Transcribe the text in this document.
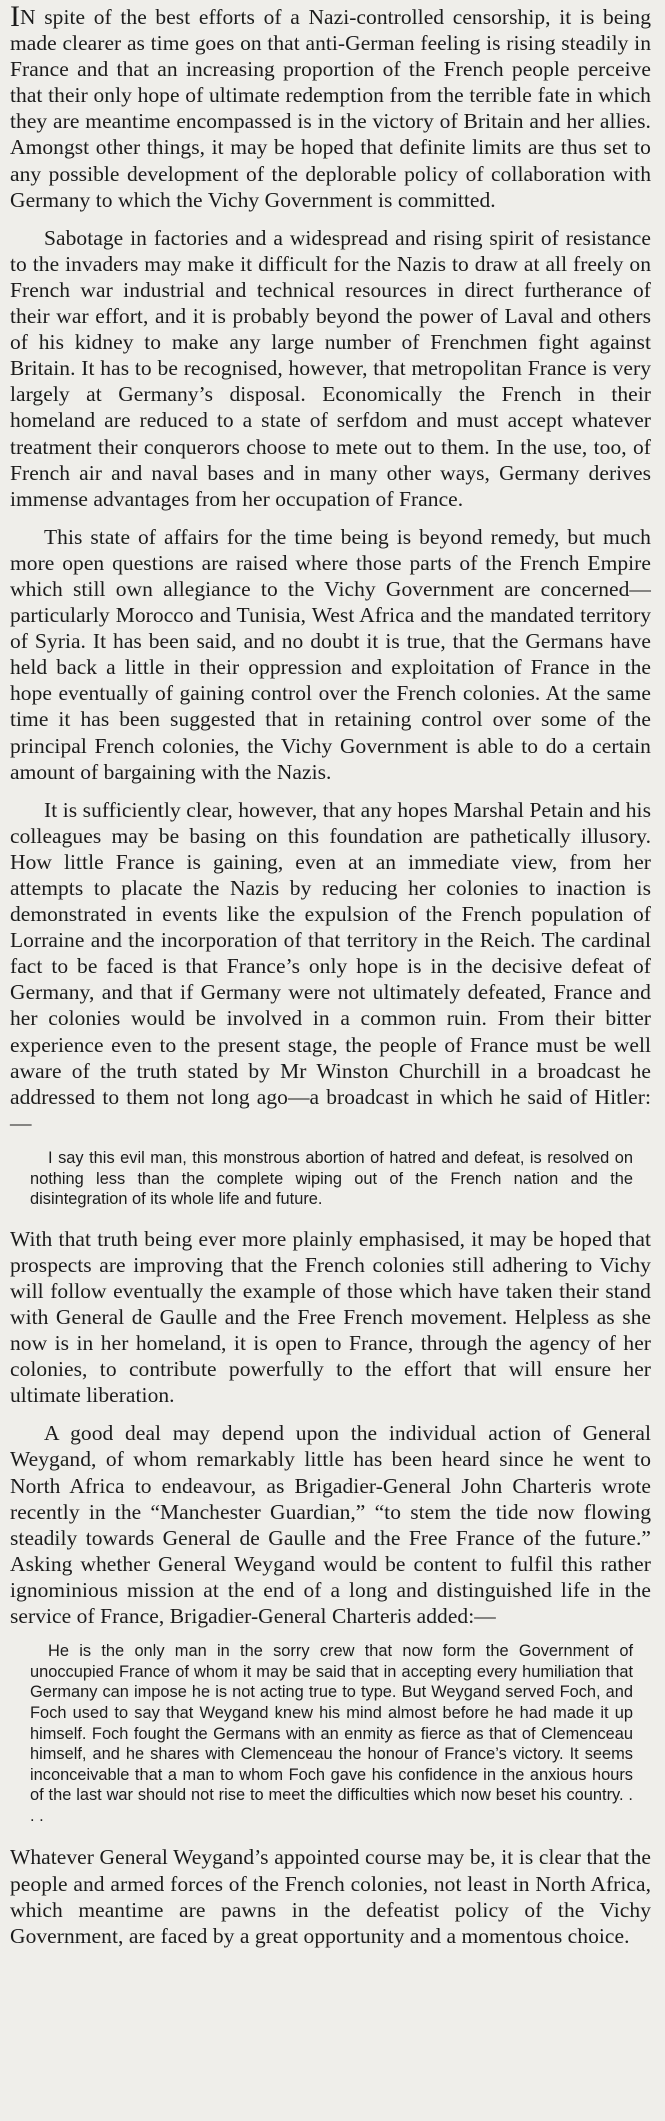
IN spite of the best efforts of a Nazi-controlled censorship, it is being made clearer as time goes on that anti-German feeling is rising steadily in France and that an increasing proportion of the French people perceive that their only hope of ultimate redemption from the terrible fate in which they are meantime encompassed is in the victory of Britain and her allies. Amongst other things, it may be hoped that definite limits are thus set to any possible development of the deplorable policy of collaboration with Germany to which the Vichy Government is committed.

Sabotage in factories and a widespread and rising spirit of resistance to the invaders may make it difficult for the Nazis to draw at all freely on French war industrial and technical resources in direct furtherance of their war effort, and it is probably beyond the power of Laval and others of his kidney to make any large number of Frenchmen fight against Britain. It has to be recognised, however, that metropolitan France is very largely at Germany’s disposal. Economically the French in their homeland are reduced to a state of serfdom and must accept whatever treatment their conquerors choose to mete out to them. In the use, too, of French air and naval bases and in many other ways, Germany derives immense advantages from her occupation of France.

This state of affairs for the time being is beyond remedy, but much more open questions are raised where those parts of the French Empire which still own allegiance to the Vichy Government are concerned—particularly Morocco and Tunisia, West Africa and the mandated territory of Syria. It has been said, and no doubt it is true, that the Germans have held back a little in their oppression and exploitation of France in the hope eventually of gaining control over the French colonies. At the same time it has been suggested that in retaining control over some of the principal French colonies, the Vichy Government is able to do a certain amount of bargaining with the Nazis.

It is sufficiently clear, however, that any hopes Marshal Petain and his colleagues may be basing on this foundation are pathetically illusory. How little France is gaining, even at an immediate view, from her attempts to placate the Nazis by reducing her colonies to inaction is demonstrated in events like the expulsion of the French population of Lorraine and the incorporation of that territory in the Reich. The cardinal fact to be faced is that France’s only hope is in the decisive defeat of Germany, and that if Germany were not ultimately defeated, France and her colonies would be involved in a common ruin. From their bitter experience even to the present stage, the people of France must be well aware of the truth stated by Mr Winston Churchill in a broadcast he addressed to them not long ago—a broadcast in which he said of Hitler:—

I say this evil man, this monstrous abortion of hatred and defeat, is resolved on nothing less than the complete wiping out of the French nation and the disintegration of its whole life and future.

With that truth being ever more plainly emphasised, it may be hoped that prospects are improving that the French colonies still adhering to Vichy will follow eventually the example of those which have taken their stand with General de Gaulle and the Free French movement. Helpless as she now is in her homeland, it is open to France, through the agency of her colonies, to contribute powerfully to the effort that will ensure her ultimate liberation.

A good deal may depend upon the individual action of General Weygand, of whom remarkably little has been heard since he went to North Africa to endeavour, as Brigadier-General John Charteris wrote recently in the “Manchester Guardian,” “to stem the tide now flowing steadily towards General de Gaulle and the Free France of the future.” Asking whether General Weygand would be content to fulfil this rather ignominious mission at the end of a long and distinguished life in the service of France, Brigadier-General Charteris added:—

He is the only man in the sorry crew that now form the Government of unoccupied France of whom it may be said that in accepting every humiliation that Germany can impose he is not acting true to type. But Weygand served Foch, and Foch used to say that Weygand knew his mind almost before he had made it up himself. Foch fought the Germans with an enmity as fierce as that of Clemenceau himself, and he shares with Clemenceau the honour of France’s victory. It seems inconceivable that a man to whom Foch gave his confidence in the anxious hours of the last war should not rise to meet the difficulties which now beset his country. . . .

Whatever General Weygand’s appointed course may be, it is clear that the people and armed forces of the French colonies, not least in North Africa, which meantime are pawns in the defeatist policy of the Vichy Government, are faced by a great opportunity and a momentous choice.
